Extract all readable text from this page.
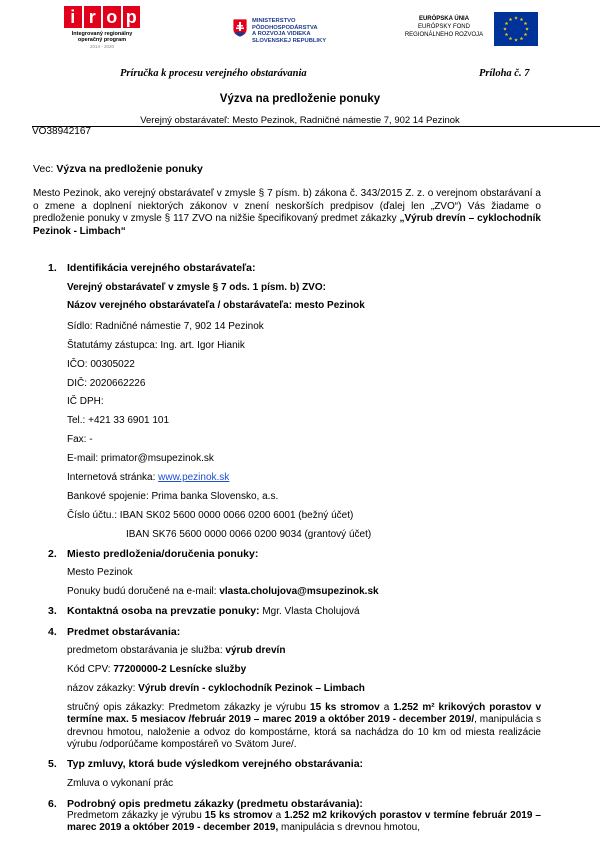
i r o p
Integrovaný regionálny operačný program
2014 - 2020
MINISTERSTVO
PÔDOHOSPODÁRSTVA
A ROZVOJA VIDIEKA
SLOVENSKEJ REPUBLIKY
EURÓPSKA ÚNIA
EURÓPSKY FOND
REGIONÁLNEHO ROZVOJA
Príručka k procesu verejného obstarávania	Príloha č. 7
Výzva na predloženie ponuky
Verejný obstarávateľ: Mesto Pezinok, Radničné námestie 7, 902 14 Pezinok
VO38942167
Vec: Výzva na predloženie ponuky
Mesto Pezinok, ako verejný obstarávateľ v zmysle § 7 písm. b) zákona č. 343/2015 Z. z. o verejnom obstarávaní a o zmene a doplnení niektorých zákonov v znení neskorších predpisov (ďalej len „ZVO“) Vás žiadame o predloženie ponuky v zmysle § 117 ZVO na nižšie špecifikovaný predmet zákazky „Výrub drevín – cyklochodník Pezinok - Limbach“
1. Identifikácia verejného obstarávateľa:
Verejný obstarávateľ v zmysle § 7 ods. 1 písm. b) ZVO:
Názov verejného obstarávateľa / obstarávateľa: mesto Pezinok
Sídlo: Radničné námestie 7, 902 14 Pezinok
Štatutámy zástupca: Ing. art. Igor Hianik
IČO: 00305022
DIČ: 2020662226
IČ DPH:
Tel.: +421 33 6901 101
Fax: -
E-mail: primator@msupezinok.sk
Internetová stránka: www.pezinok.sk
Bankové spojenie: Prima banka Slovensko, a.s.
Číslo účtu.: IBAN SK02 5600 0000 0066 0200 6001 (bežný účet)
IBAN SK76 5600 0000 0066 0200 9034 (grantový účet)
2. Miesto predloženia/doručenia ponuky:
Mesto Pezinok
Ponuky budú doručené na e-mail: vlasta.cholujova@msupezinok.sk
3. Kontaktná osoba na prevzatie ponuky: Mgr. Vlasta Cholujová
4. Predmet obstarávania:
predmetom obstarávania je služba: výrub drevín
Kód CPV: 77200000-2 Lesnícke služby
názov zákazky: Výrub drevín - cyklochodník Pezinok – Limbach
stručný opis zákazky: Predmetom zákazky je výrubu 15 ks stromov a 1.252 m² krikových porastov v termíne max. 5 mesiacov /február 2019 – marec 2019 a október 2019 - december 2019/, manipulácia s drevnou hmotou, naloženie a odvoz do kompostárne, ktorá sa nachádza do 10 km od miesta realizácie výrubu /odporúčame kompostáreň vo Svätom Jure/.
5. Typ zmluvy, ktorá bude výsledkom verejného obstarávania:
Zmluva o vykonaní prác
6. Podrobný opis predmetu zákazky (predmetu obstarávania):
Predmetom zákazky je výrubu 15 ks stromov a 1.252 m2 krikových porastov v termíne február 2019 – marec 2019 a október 2019 - december 2019, manipulácia s drevnou hmotou,
